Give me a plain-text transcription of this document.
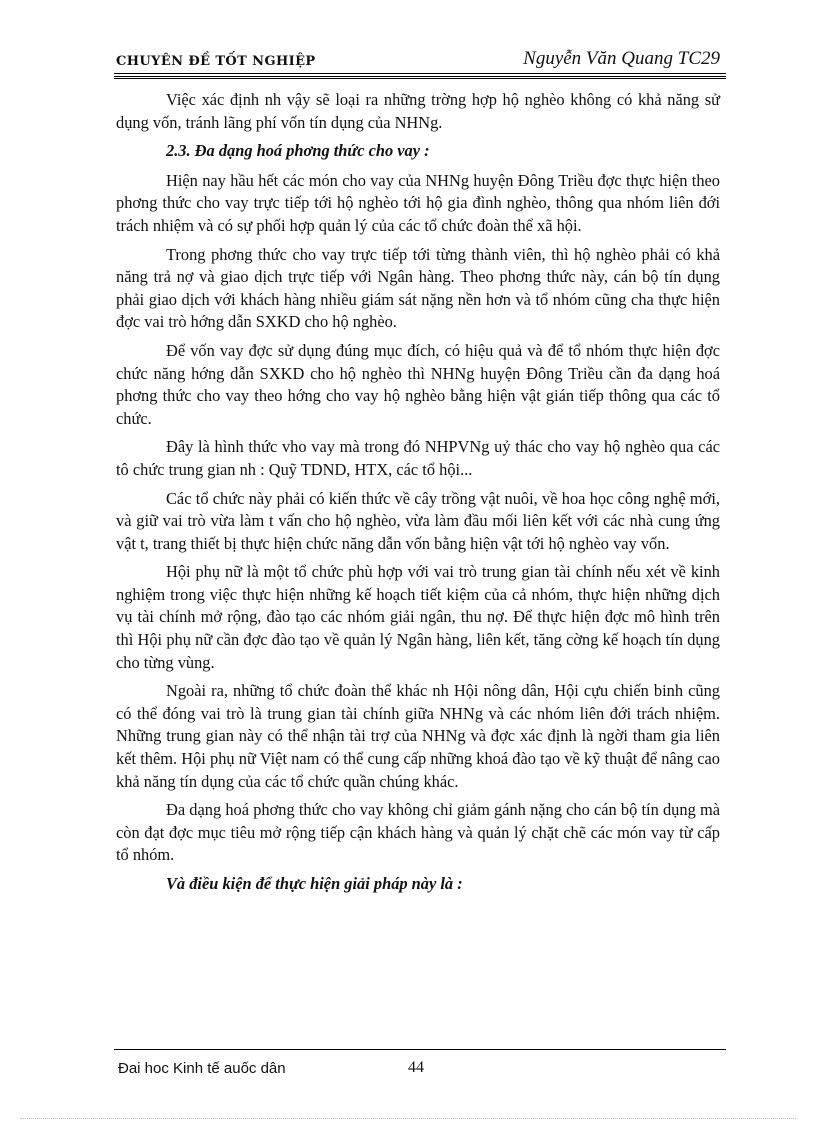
CHUYÊN ĐỀ TỐT NGHIỆP	Nguyễn Văn Quang TC29

Việc xác định nh vậy sẽ loại ra những trờng hợp hộ nghèo không có khả năng sử dụng vốn, tránh lãng phí vốn tín dụng của NHNg.

2.3. Đa dạng hoá phơng thức cho vay :

Hiện nay hầu hết các món cho vay của NHNg huyện Đông Triều đợc thực hiện theo phơng thức cho vay trực tiếp tới hộ nghèo tới hộ gia đình nghèo, thông qua nhóm liên đới trách nhiệm và có sự phối hợp quản lý của các tổ chức đoàn thể xã hội.

Trong phơng thức cho vay trực tiếp tới từng thành viên, thì hộ nghèo phải có khả năng trả nợ và giao dịch trực tiếp với Ngân hàng. Theo phơng thức này, cán bộ tín dụng phải giao dịch với khách hàng nhiều giám sát nặng nền hơn và tổ nhóm cũng cha thực hiện đợc vai trò hớng dẫn SXKD cho hộ nghèo.

Để vốn vay đợc sử dụng đúng mục đích, có hiệu quả và để tổ nhóm thực hiện đợc chức năng hớng dẫn SXKD cho hộ nghèo thì NHNg huyện Đông Triều cần đa dạng hoá phơng thức cho vay theo hớng cho vay hộ nghèo bằng hiện vật gián tiếp thông qua các tổ chức.

Đây là hình thức vho vay mà trong đó NHPVNg uỷ thác cho vay hộ nghèo qua các tô chức trung gian nh : Quỹ TDND, HTX, các tổ hội...

Các tổ chức này phải có kiến thức về cây trồng vật nuôi, về hoa học công nghệ mới, và giữ vai trò vừa làm t vấn cho hộ nghèo, vừa làm đầu mối liên kết với các nhà cung ứng vật t, trang thiết bị thực hiện chức năng dẫn vốn bằng hiện vật tới hộ nghèo vay vốn.

Hội phụ nữ là một tổ chức phù hợp với vai trò trung gian tài chính nếu xét về kinh nghiệm trong việc thực hiện những kế hoạch tiết kiệm của cả nhóm, thực hiện những dịch vụ tài chính mở rộng, đào tạo các nhóm giải ngân, thu nợ. Để thực hiện đợc mô hình trên thì Hội phụ nữ cần đợc đào tạo về quản lý Ngân hàng, liên kết, tăng cờng kế hoạch tín dụng cho từng vùng.

Ngoài ra, những tổ chức đoàn thể khác nh Hội nông dân, Hội cựu chiến binh cũng có thể đóng vai trò là trung gian tài chính giữa NHNg và các nhóm liên đới trách nhiệm. Những trung gian này có thể nhận tài trợ của NHNg và đợc xác định là ngời tham gia liên kết thêm. Hội phụ nữ Việt nam có thể cung cấp những khoá đào tạo về kỹ thuật để nâng cao khả năng tín dụng của các tổ chức quần chúng khác.

Đa dạng hoá phơng thức cho vay không chỉ giảm gánh nặng cho cán bộ tín dụng mà còn đạt đợc mục tiêu mở rộng tiếp cận khách hàng và quản lý chặt chẽ các món vay từ cấp tổ nhóm.

Và điều kiện để thực hiện giải pháp này là :

Đai hoc Kinh tế auốc dân	44
